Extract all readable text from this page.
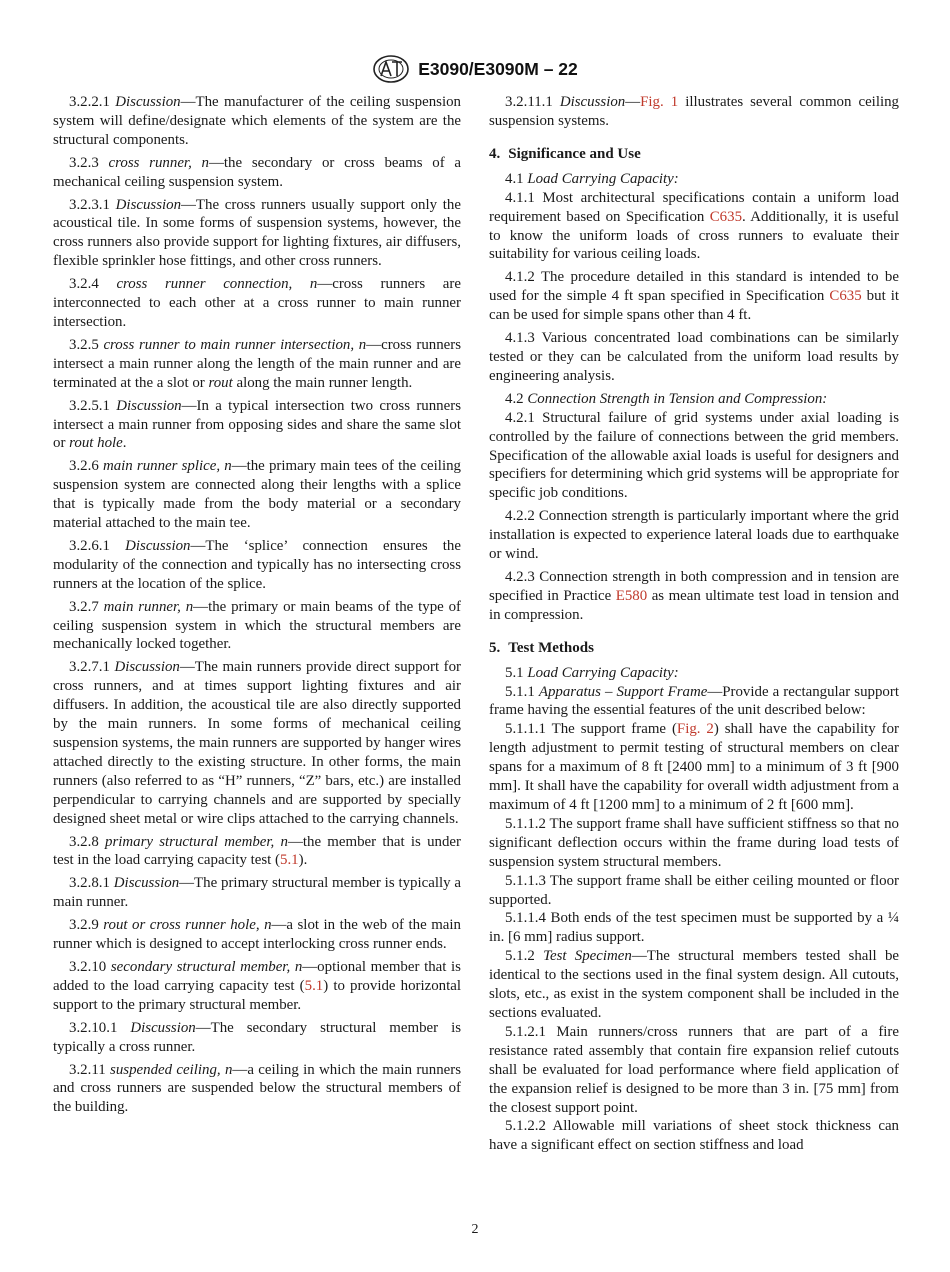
E3090/E3090M – 22

3.2.2.1 Discussion—The manufacturer of the ceiling suspension system will define/designate which elements of the system are the structural components.

3.2.3 cross runner, n—the secondary or cross beams of a mechanical ceiling suspension system.

3.2.3.1 Discussion—The cross runners usually support only the acoustical tile. In some forms of suspension systems, however, the cross runners also provide support for lighting fixtures, air diffusers, flexible sprinkler hose fittings, and other cross runners.

3.2.4 cross runner connection, n—cross runners are interconnected to each other at a cross runner to main runner intersection.

3.2.5 cross runner to main runner intersection, n—cross runners intersect a main runner along the length of the main runner and are terminated at the a slot or rout along the main runner length.

3.2.5.1 Discussion—In a typical intersection two cross runners intersect a main runner from opposing sides and share the same slot or rout hole.

3.2.6 main runner splice, n—the primary main tees of the ceiling suspension system are connected along their lengths with a splice that is typically made from the body material or a secondary material attached to the main tee.

3.2.6.1 Discussion—The ‘splice’ connection ensures the modularity of the connection and typically has no intersecting cross runners at the location of the splice.

3.2.7 main runner, n—the primary or main beams of the type of ceiling suspension system in which the structural members are mechanically locked together.

3.2.7.1 Discussion—The main runners provide direct support for cross runners, and at times support lighting fixtures and air diffusers. In addition, the acoustical tile are also directly supported by the main runners. In some forms of mechanical ceiling suspension systems, the main runners are supported by hanger wires attached directly to the existing structure. In other forms, the main runners (also referred to as “H” runners, “Z” bars, etc.) are installed perpendicular to carrying channels and are supported by specially designed sheet metal or wire clips attached to the carrying channels.

3.2.8 primary structural member, n—the member that is under test in the load carrying capacity test (5.1).

3.2.8.1 Discussion—The primary structural member is typically a main runner.

3.2.9 rout or cross runner hole, n—a slot in the web of the main runner which is designed to accept interlocking cross runner ends.

3.2.10 secondary structural member, n—optional member that is added to the load carrying capacity test (5.1) to provide horizontal support to the primary structural member.

3.2.10.1 Discussion—The secondary structural member is typically a cross runner.

3.2.11 suspended ceiling, n—a ceiling in which the main runners and cross runners are suspended below the structural members of the building.

3.2.11.1 Discussion—Fig. 1 illustrates several common ceiling suspension systems.

4. Significance and Use

4.1 Load Carrying Capacity:

4.1.1 Most architectural specifications contain a uniform load requirement based on Specification C635. Additionally, it is useful to know the uniform loads of cross runners to evaluate their suitability for various ceiling loads.

4.1.2 The procedure detailed in this standard is intended to be used for the simple 4 ft span specified in Specification C635 but it can be used for simple spans other than 4 ft.

4.1.3 Various concentrated load combinations can be similarly tested or they can be calculated from the uniform load results by engineering analysis.

4.2 Connection Strength in Tension and Compression:

4.2.1 Structural failure of grid systems under axial loading is controlled by the failure of connections between the grid members. Specification of the allowable axial loads is useful for designers and specifiers for determining which grid systems will be appropriate for specific job conditions.

4.2.2 Connection strength is particularly important where the grid installation is expected to experience lateral loads due to earthquake or wind.

4.2.3 Connection strength in both compression and in tension are specified in Practice E580 as mean ultimate test load in tension and in compression.

5. Test Methods

5.1 Load Carrying Capacity:

5.1.1 Apparatus – Support Frame—Provide a rectangular support frame having the essential features of the unit described below:

5.1.1.1 The support frame (Fig. 2) shall have the capability for length adjustment to permit testing of structural members on clear spans for a maximum of 8 ft [2400 mm] to a minimum of 3 ft [900 mm]. It shall have the capability for overall width adjustment from a maximum of 4 ft [1200 mm] to a minimum of 2 ft [600 mm].

5.1.1.2 The support frame shall have sufficient stiffness so that no significant deflection occurs within the frame during load tests of suspension system structural members.

5.1.1.3 The support frame shall be either ceiling mounted or floor supported.

5.1.1.4 Both ends of the test specimen must be supported by a ¼ in. [6 mm] radius support.

5.1.2 Test Specimen—The structural members tested shall be identical to the sections used in the final system design. All cutouts, slots, etc., as exist in the system component shall be included in the sections evaluated.

5.1.2.1 Main runners/cross runners that are part of a fire resistance rated assembly that contain fire expansion relief cutouts shall be evaluated for load performance where field application of the expansion relief is designed to be more than 3 in. [75 mm] from the closest support point.

5.1.2.2 Allowable mill variations of sheet stock thickness can have a significant effect on section stiffness and load

2
